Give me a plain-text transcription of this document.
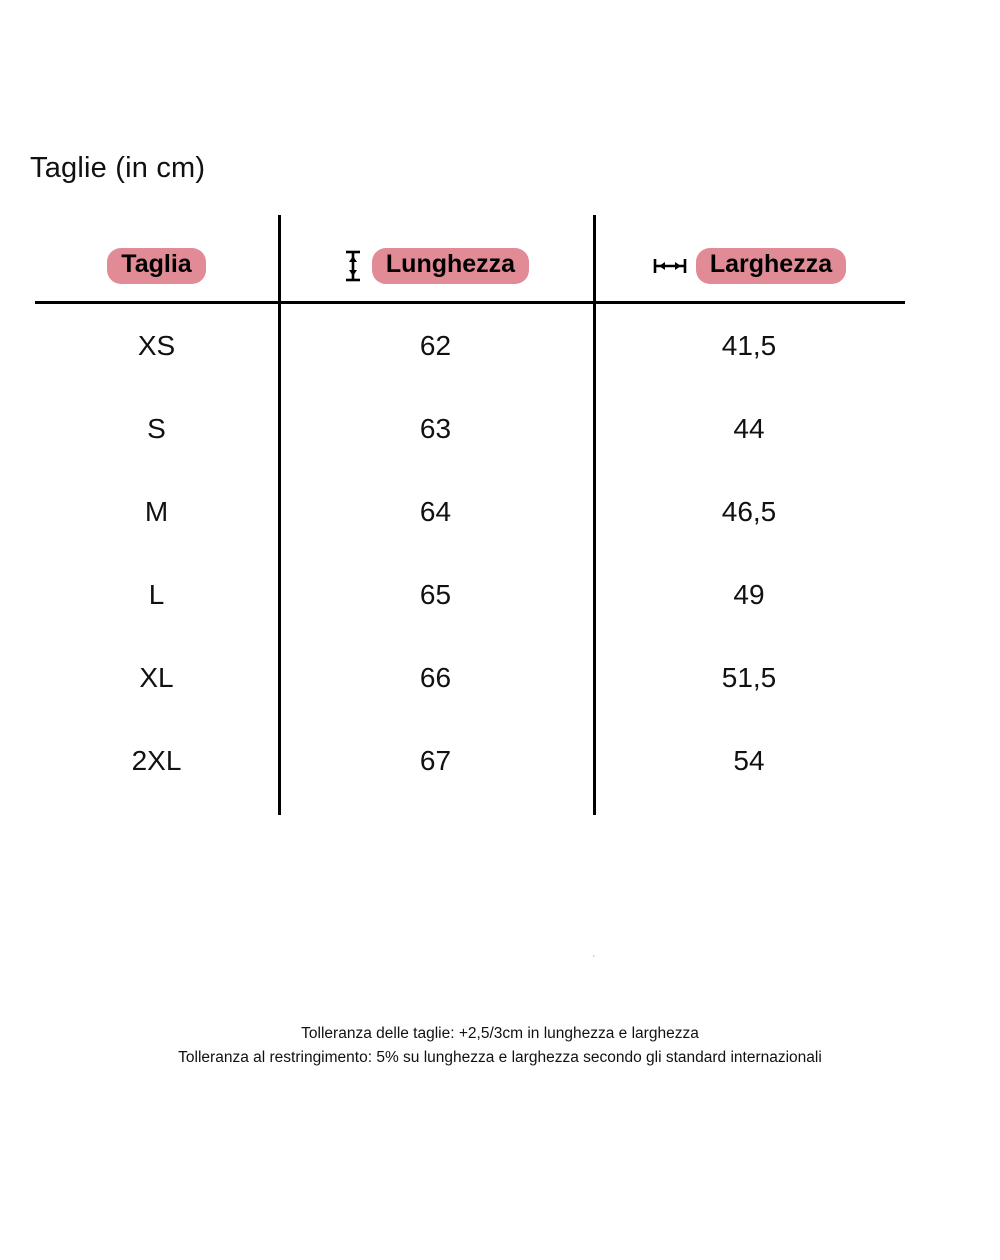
Taglie (in cm)
Taglia	Lunghezza	Larghezza
XS	62	41,5
S	63	44
M	64	46,5
L	65	49
XL	66	51,5
2XL	67	54
·
Tolleranza delle taglie: +2,5/3cm in lunghezza e larghezza
Tolleranza al restringimento: 5% su lunghezza e larghezza secondo gli standard internazionali
